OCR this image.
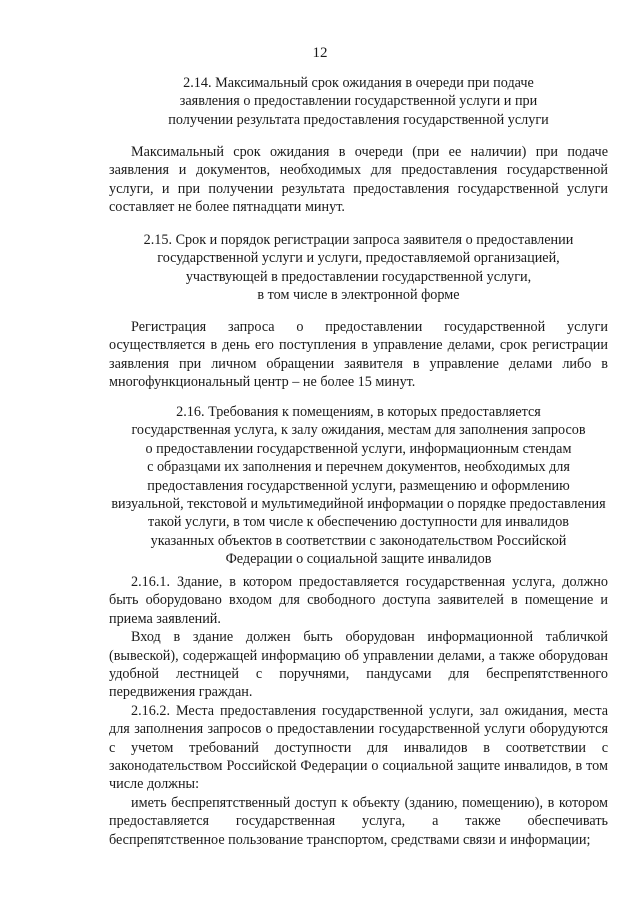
12
2.14. Максимальный срок ожидания в очереди при подаче
заявления о предоставлении государственной услуги и при
получении результата предоставления государственной услуги

Максимальный срок ожидания в очереди (при ее наличии) при подаче заявления и документов, необходимых для предоставления государственной услуги, и при получении результата предоставления государственной услуги составляет не более пятнадцати минут.

2.15. Срок и порядок регистрации запроса заявителя о предоставлении
государственной услуги и услуги, предоставляемой организацией,
участвующей в предоставлении государственной услуги,
в том числе в электронной форме

Регистрация запроса о предоставлении государственной услуги осуществляется в день его поступления в управление делами, срок регистрации заявления при личном обращении заявителя в управление делами либо в многофункциональный центр – не более 15 минут.

2.16. Требования к помещениям, в которых предоставляется
государственная услуга, к залу ожидания, местам для заполнения запросов
о предоставлении государственной услуги, информационным стендам
с образцами их заполнения и перечнем документов, необходимых для
предоставления государственной услуги, размещению и оформлению
визуальной, текстовой и мультимедийной информации о порядке предоставления такой услуги, в том числе к обеспечению доступности для инвалидов
указанных объектов в соответствии с законодательством Российской
Федерации о социальной защите инвалидов

2.16.1. Здание, в котором предоставляется государственная услуга, должно быть оборудовано входом для свободного доступа заявителей в помещение и приема заявлений.

Вход в здание должен быть оборудован информационной табличкой (вывеской), содержащей информацию об управлении делами, а также оборудован удобной лестницей с поручнями, пандусами для беспрепятственного передвижения граждан.

2.16.2. Места предоставления государственной услуги, зал ожидания, места для заполнения запросов о предоставлении государственной услуги оборудуются с учетом требований доступности для инвалидов в соответствии с законодательством Российской Федерации о социальной защите инвалидов, в том числе должны:

иметь беспрепятственный доступ к объекту (зданию, помещению), в котором предоставляется государственная услуга, а также обеспечивать беспрепятственное пользование транспортом, средствами связи и информации;
